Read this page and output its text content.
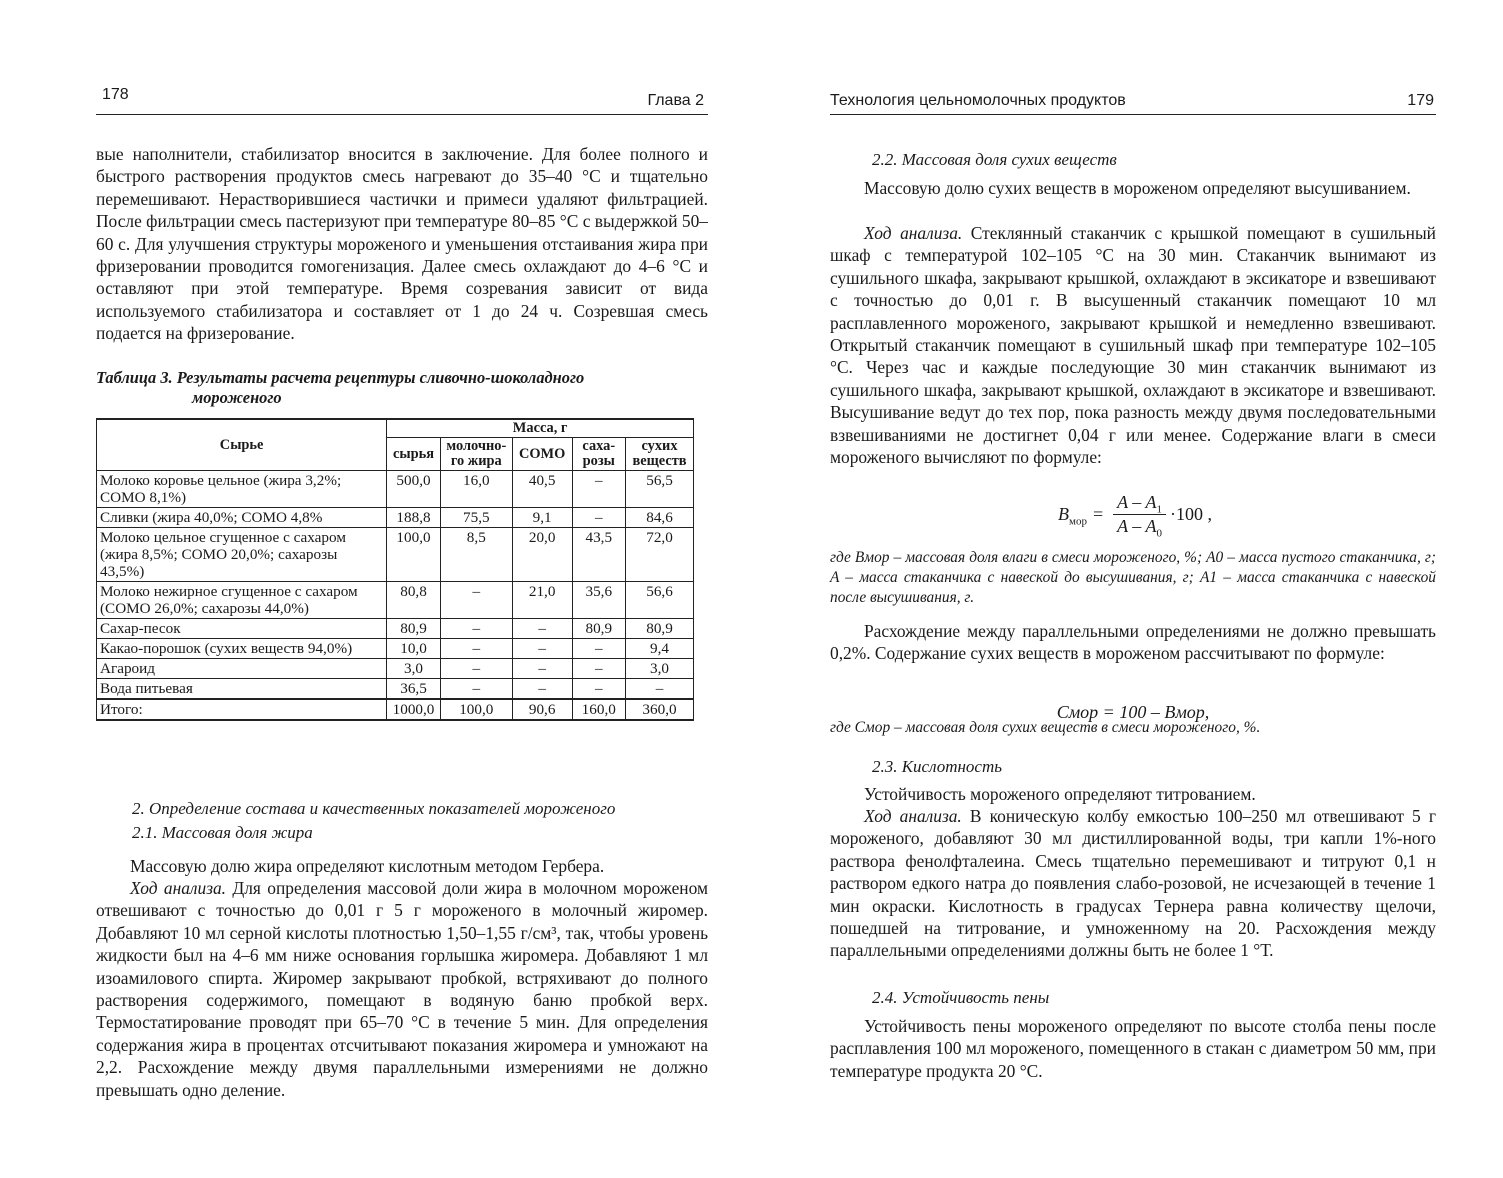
178	Глава 2

вые наполнители, стабилизатор вносится в заключение. Для более полного и быстрого растворения продуктов смесь нагревают до 35–40 °С и тщательно перемешивают. Нерастворившиеся частички и примеси удаляют фильтрацией. После фильтрации смесь пастеризуют при температуре 80–85 °С с выдержкой 50–60 с. Для улучшения структуры мороженого и уменьшения отстаивания жира при фризеровании проводится гомогенизация. Далее смесь охлаждают до 4–6 °С и оставляют при этой температуре. Время созревания зависит от вида используемого стабилизатора и составляет от 1 до 24 ч. Созревшая смесь подается на фризерование.

Таблица 3. Результаты расчета рецептуры сливочно-шоколадного
мороженого

Сырье	Масса, г				
	сырья	молочно-го жира	СОМО	саха-розы	сухих веществ
Молоко коровье цельное (жира 3,2%; СОМО 8,1%)	500,0	16,0	40,5	–	56,5
Сливки (жира 40,0%; СОМО 4,8%	188,8	75,5	9,1	–	84,6
Молоко цельное сгущенное с сахаром (жира 8,5%; СОМО 20,0%; сахарозы 43,5%)	100,0	8,5	20,0	43,5	72,0
Молоко нежирное сгущенное с сахаром (СОМО 26,0%; сахарозы 44,0%)	80,8	–	21,0	35,6	56,6
Сахар-песок	80,9	–	–	80,9	80,9
Какао-порошок (сухих веществ 94,0%)	10,0	–	–	–	9,4
Агароид	3,0	–	–	–	3,0
Вода питьевая	36,5	–	–	–	–
Итого:	1000,0	100,0	90,6	160,0	360,0

2. Определение состава и качественных показателей мороженого

2.1. Массовая доля жира

Массовую долю жира определяют кислотным методом Гербера.

Ход анализа. Для определения массовой доли жира в молочном мороженом отвешивают с точностью до 0,01 г 5 г мороженого в молочный жиромер. Добавляют 10 мл серной кислоты плотностью 1,50–1,55 г/см³, так, чтобы уровень жидкости был на 4–6 мм ниже основания горлышка жиромера. Добавляют 1 мл изоамилового спирта. Жиромер закрывают пробкой, встряхивают до полного растворения содержимого, помещают в водяную баню пробкой верх. Термостатирование проводят при 65–70 °С в течение 5 мин. Для определения содержания жира в процентах отсчитывают показания жиромера и умножают на 2,2. Расхождение между двумя параллельными измерениями не должно превышать одно деление.

Технология цельномолочных продуктов	179

2.2. Массовая доля сухих веществ

Массовую долю сухих веществ в мороженом определяют высушиванием.

Ход анализа. Стеклянный стаканчик с крышкой помещают в сушильный шкаф с температурой 102–105 °С на 30 мин. Стаканчик вынимают из сушильного шкафа, закрывают крышкой, охлаждают в эксикаторе и взвешивают с точностью до 0,01 г. В высушенный стаканчик помещают 10 мл расплавленного мороженого, закрывают крышкой и немедленно взвешивают. Открытый стаканчик помещают в сушильный шкаф при температуре 102–105 °С. Через час и каждые последующие 30 мин стаканчик вынимают из сушильного шкафа, закрывают крышкой, охлаждают в эксикаторе и взвешивают. Высушивание ведут до тех пор, пока разность между двумя последовательными взвешиваниями не достигнет 0,04 г или менее. Содержание влаги в смеси мороженого вычисляют по формуле:

$B_{мор} = \frac{A - A_1}{A - A_0} \cdot 100$ ,

где Bмор – массовая доля влаги в смеси мороженого, %; A0 – масса пустого стаканчика, г; A – масса стаканчика с навеской до высушивания, г; A1 – масса стаканчика с навеской после высушивания, г.

Расхождение между параллельными определениями не должно превышать 0,2%. Содержание сухих веществ в мороженом рассчитывают по формуле:

Смор = 100 – Bмор,

где Смор – массовая доля сухих веществ в смеси мороженого, %.

2.3. Кислотность

Устойчивость мороженого определяют титрованием.

Ход анализа. В коническую колбу емкостью 100–250 мл отвешивают 5 г мороженого, добавляют 30 мл дистиллированной воды, три капли 1%-ного раствора фенолфталеина. Смесь тщательно перемешивают и титруют 0,1 н раствором едкого натра до появления слабо-розовой, не исчезающей в течение 1 мин окраски. Кислотность в градусах Тернера равна количеству щелочи, пошедшей на титрование, и умноженному на 20. Расхождения между параллельными определениями должны быть не более 1 °Т.

2.4. Устойчивость пены

Устойчивость пены мороженого определяют по высоте столба пены после расплавления 100 мл мороженого, помещенного в стакан с диаметром 50 мм, при температуре продукта 20 °С.
